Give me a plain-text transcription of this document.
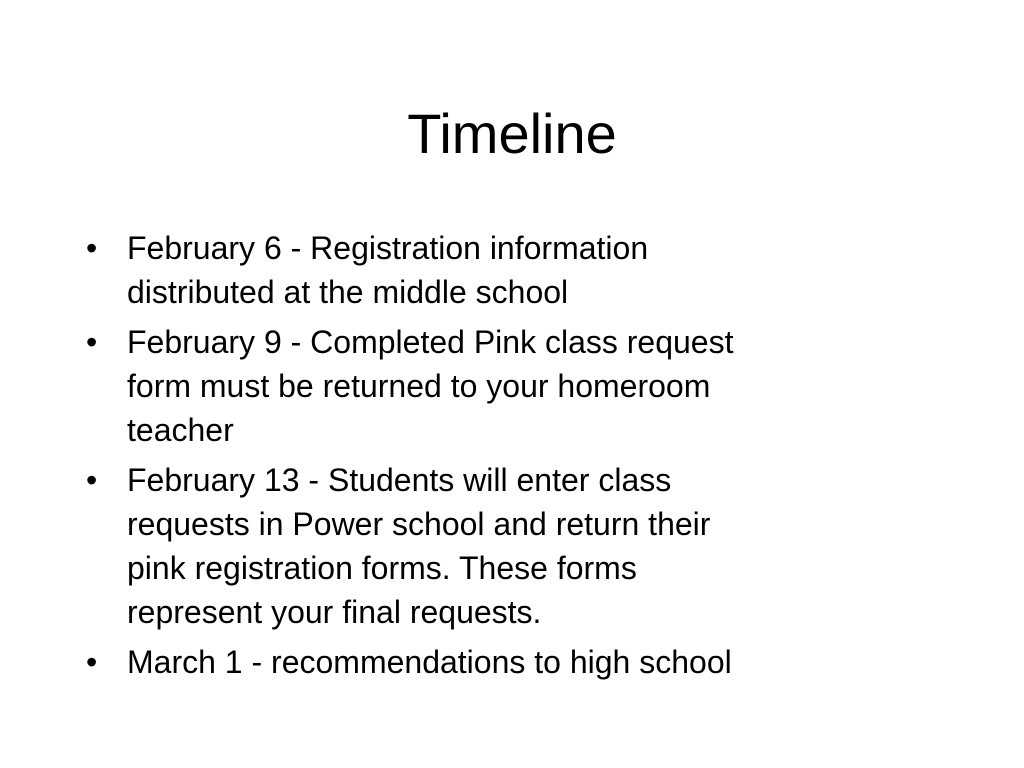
Timeline
• February 6 - Registration information
distributed at the middle school
• February 9 - Completed Pink class request
form must be returned to your homeroom
teacher
• February 13 - Students will enter class
requests in Power school and return their
pink registration forms. These forms
represent your final requests.
• March 1 - recommendations to high school
